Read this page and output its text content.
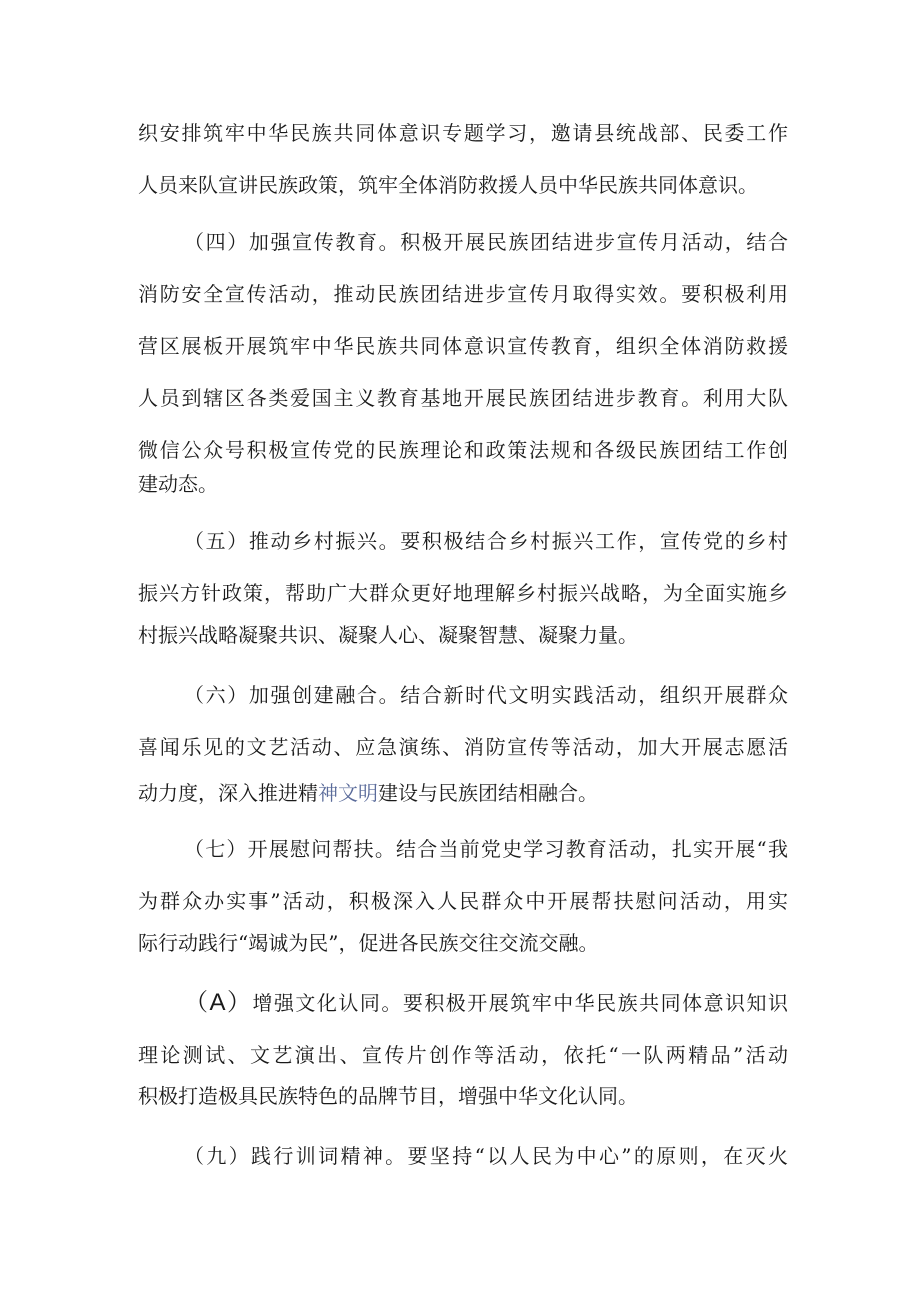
织安排筑牢中华民族共同体意识专题学习，邀请县统战部、民委工作
人员来队宣讲民族政策，筑牢全体消防救援人员中华民族共同体意识。
（四）加强宣传教育。积极开展民族团结进步宣传月活动，结合
消防安全宣传活动，推动民族团结进步宣传月取得实效。要积极利用
营区展板开展筑牢中华民族共同体意识宣传教育，组织全体消防救援
人员到辖区各类爱国主义教育基地开展民族团结进步教育。利用大队
微信公众号积极宣传党的民族理论和政策法规和各级民族团结工作创
建动态。
（五）推动乡村振兴。要积极结合乡村振兴工作，宣传党的乡村
振兴方针政策，帮助广大群众更好地理解乡村振兴战略，为全面实施乡
村振兴战略凝聚共识、凝聚人心、凝聚智慧、凝聚力量。
（六）加强创建融合。结合新时代文明实践活动，组织开展群众
喜闻乐见的文艺活动、应急演练、消防宣传等活动，加大开展志愿活
动力度，深入推进精神文明建设与民族团结相融合。
（七）开展慰问帮扶。结合当前党史学习教育活动，扎实开展“我
为群众办实事”活动，积极深入人民群众中开展帮扶慰问活动，用实
际行动践行“竭诚为民”，促进各民族交往交流交融。
（A）增强文化认同。要积极开展筑牢中华民族共同体意识知识
理论测试、文艺演出、宣传片创作等活动，依托“一队两精品”活动
积极打造极具民族特色的品牌节目，增强中华文化认同。
（九）践行训词精神。要坚持“以人民为中心”的原则，在灭火
